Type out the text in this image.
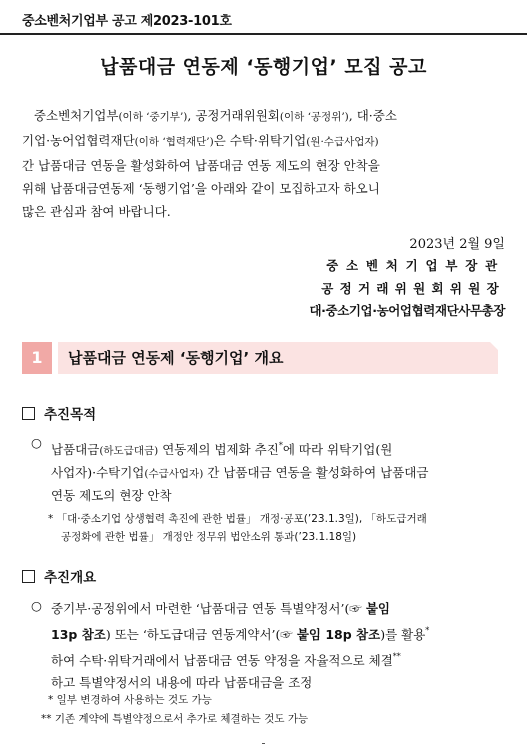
중소벤처기업부 공고 제2023-101호
납품대금 연동제 ‘동행기업’ 모집 공고
중소벤처기업부(이하 ‘중기부’), 공정거래위원회(이하 ‘공정위’), 대·중소
기업·농어업협력재단(이하 ‘협력재단’)은 수탁·위탁기업(원·수급사업자)
간 납품대금 연동을 활성화하여 납품대금 연동 제도의 현장 안착을
위해 납품대금연동제 ‘동행기업’을 아래와 같이 모집하고자 하오니
많은 관심과 참여 바랍니다.
2023년 2월 9일
중소벤처기업부장관
공정거래위원회위원장
대·중소기업·농어업협력재단사무총장
1	납품대금 연동제 ‘동행기업’ 개요
추진목적
○ 납품대금(하도급대금) 연동제의 법제화 추진*에 따라 위탁기업(원
사업자)·수탁기업(수급사업자) 간 납품대금 연동을 활성화하여 납품대금
연동 제도의 현장 안착
* 「대·중소기업 상생협력 촉진에 관한 법률」 개정·공포(’23.1.3일), 「하도급거래
공정화에 관한 법률」 개정안 정무위 법안소위 통과(’23.1.18일)
추진개요
○ 중기부·공정위에서 마련한 ‘납품대금 연동 특별약정서’(☞ 붙임
13p 참조) 또는 ‘하도급대금 연동계약서’(☞ 붙임 18p 참조)를 활용*
하여 수탁·위탁거래에서 납품대금 연동 약정을 자율적으로 체결**
하고 특별약정서의 내용에 따라 납품대금을 조정
* 일부 변경하여 사용하는 것도 가능
** 기존 계약에 특별약정으로서 추가로 체결하는 것도 가능
